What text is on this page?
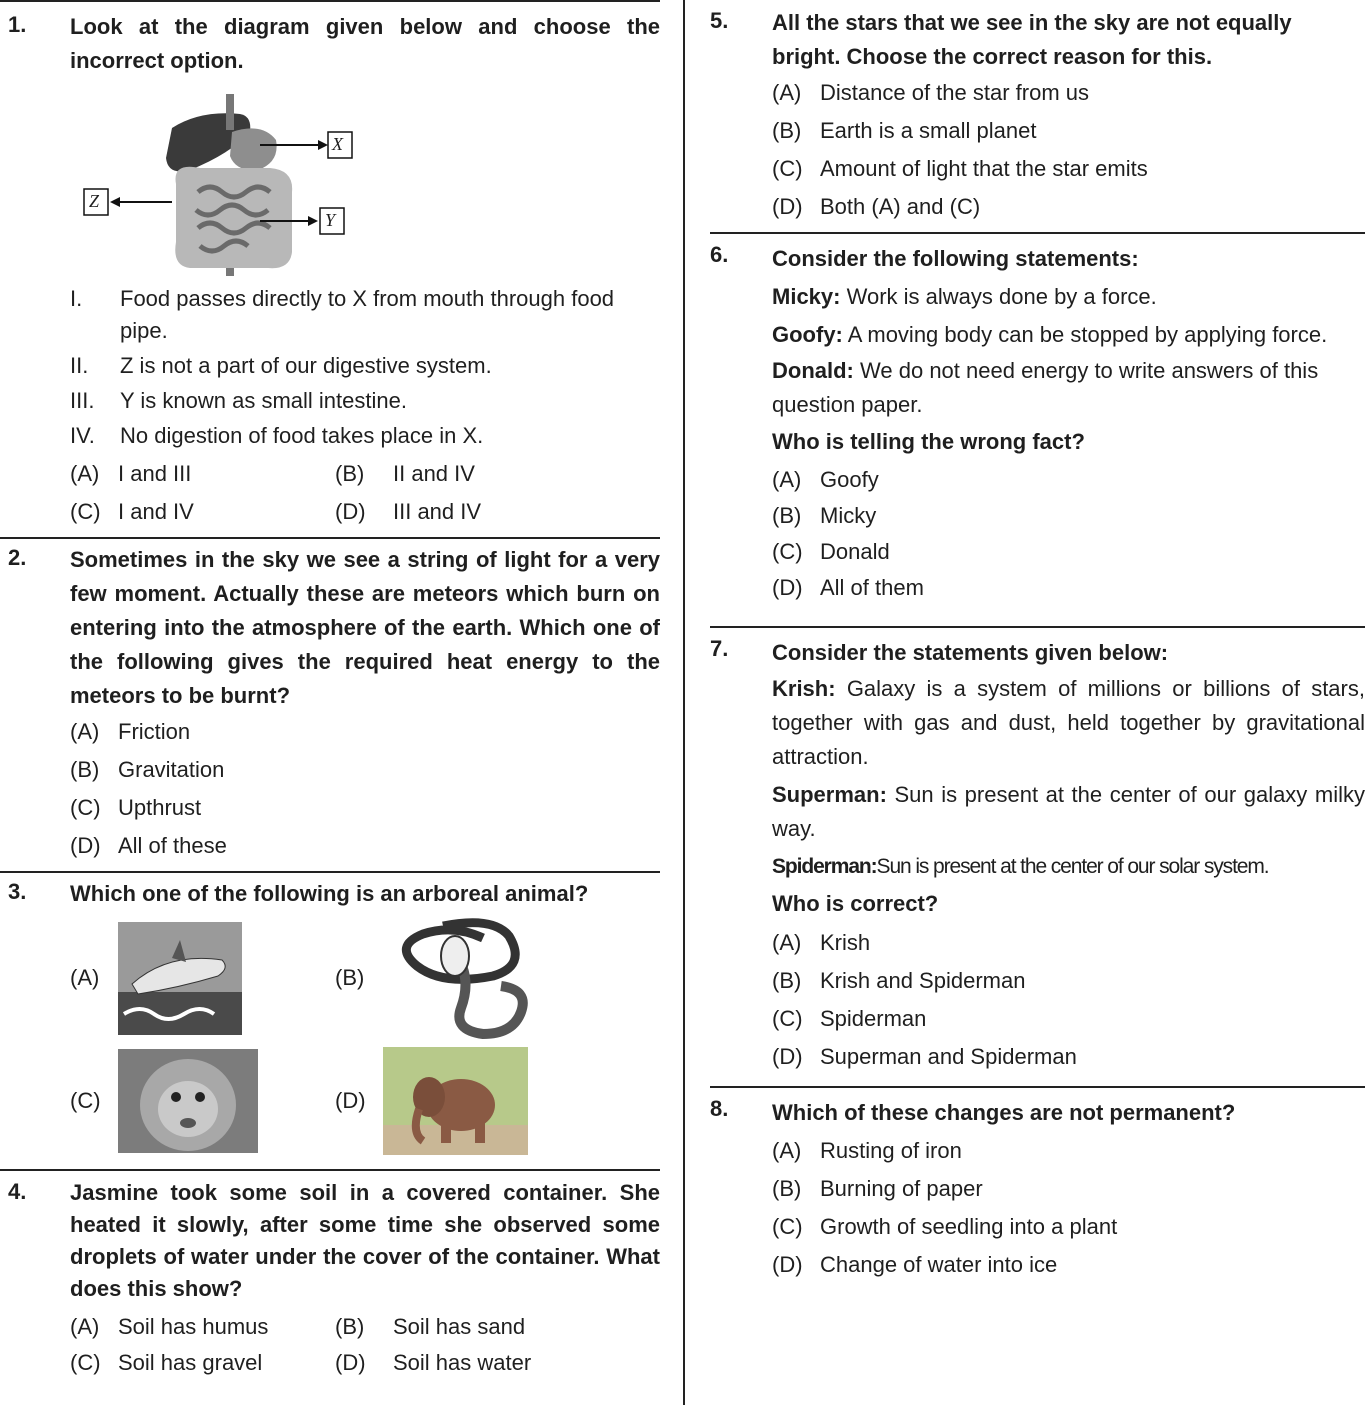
1. Look at the diagram given below and choose the incorrect option.
X
Y
Z
I.	Food passes directly to X from mouth through food pipe.
II.	Z is not a part of our digestive system.
III.	Y is known as small intestine.
IV.	No digestion of food takes place in X.
(A) I and III	(B)	II and IV
(C) I and IV	(D)	III and IV
2. Sometimes in the sky we see a string of light for a very few moment. Actually these are meteors which burn on entering into the atmosphere of the earth. Which one of the following gives the required heat energy to the meteors to be burnt?
(A) Friction
(B) Gravitation
(C) Upthrust
(D) All of these
3. Which one of the following is an arboreal animal?
(A)	(B)
(C)	(D)
4. Jasmine took some soil in a covered container. She heated it slowly, after some time she observed some droplets of water under the cover of the container. What does this show?
(A) Soil has humus	(B)	Soil has sand
(C) Soil has gravel	(D)	Soil has water
5. All the stars that we see in the sky are not equally bright. Choose the correct reason for this.
(A) Distance of the star from us
(B) Earth is a small planet
(C) Amount of light that the star emits
(D) Both (A) and (C)
6. Consider the following statements:
Micky: Work is always done by a force.
Goofy: A moving body can be stopped by applying force.
Donald: We do not need energy to write answers of this question paper.
Who is telling the wrong fact?
(A) Goofy
(B) Micky
(C) Donald
(D) All of them
7. Consider the statements given below:
Krish: Galaxy is a system of millions or billions of stars, together with gas and dust, held together by gravitational attraction.
Superman: Sun is present at the center of our galaxy milky way.
Spiderman:Sun is present at the center of our solar system.
Who is correct?
(A) Krish
(B) Krish and Spiderman
(C) Spiderman
(D) Superman and Spiderman
8. Which of these changes are not permanent?
(A) Rusting of iron
(B) Burning of paper
(C) Growth of seedling into a plant
(D) Change of water into ice
